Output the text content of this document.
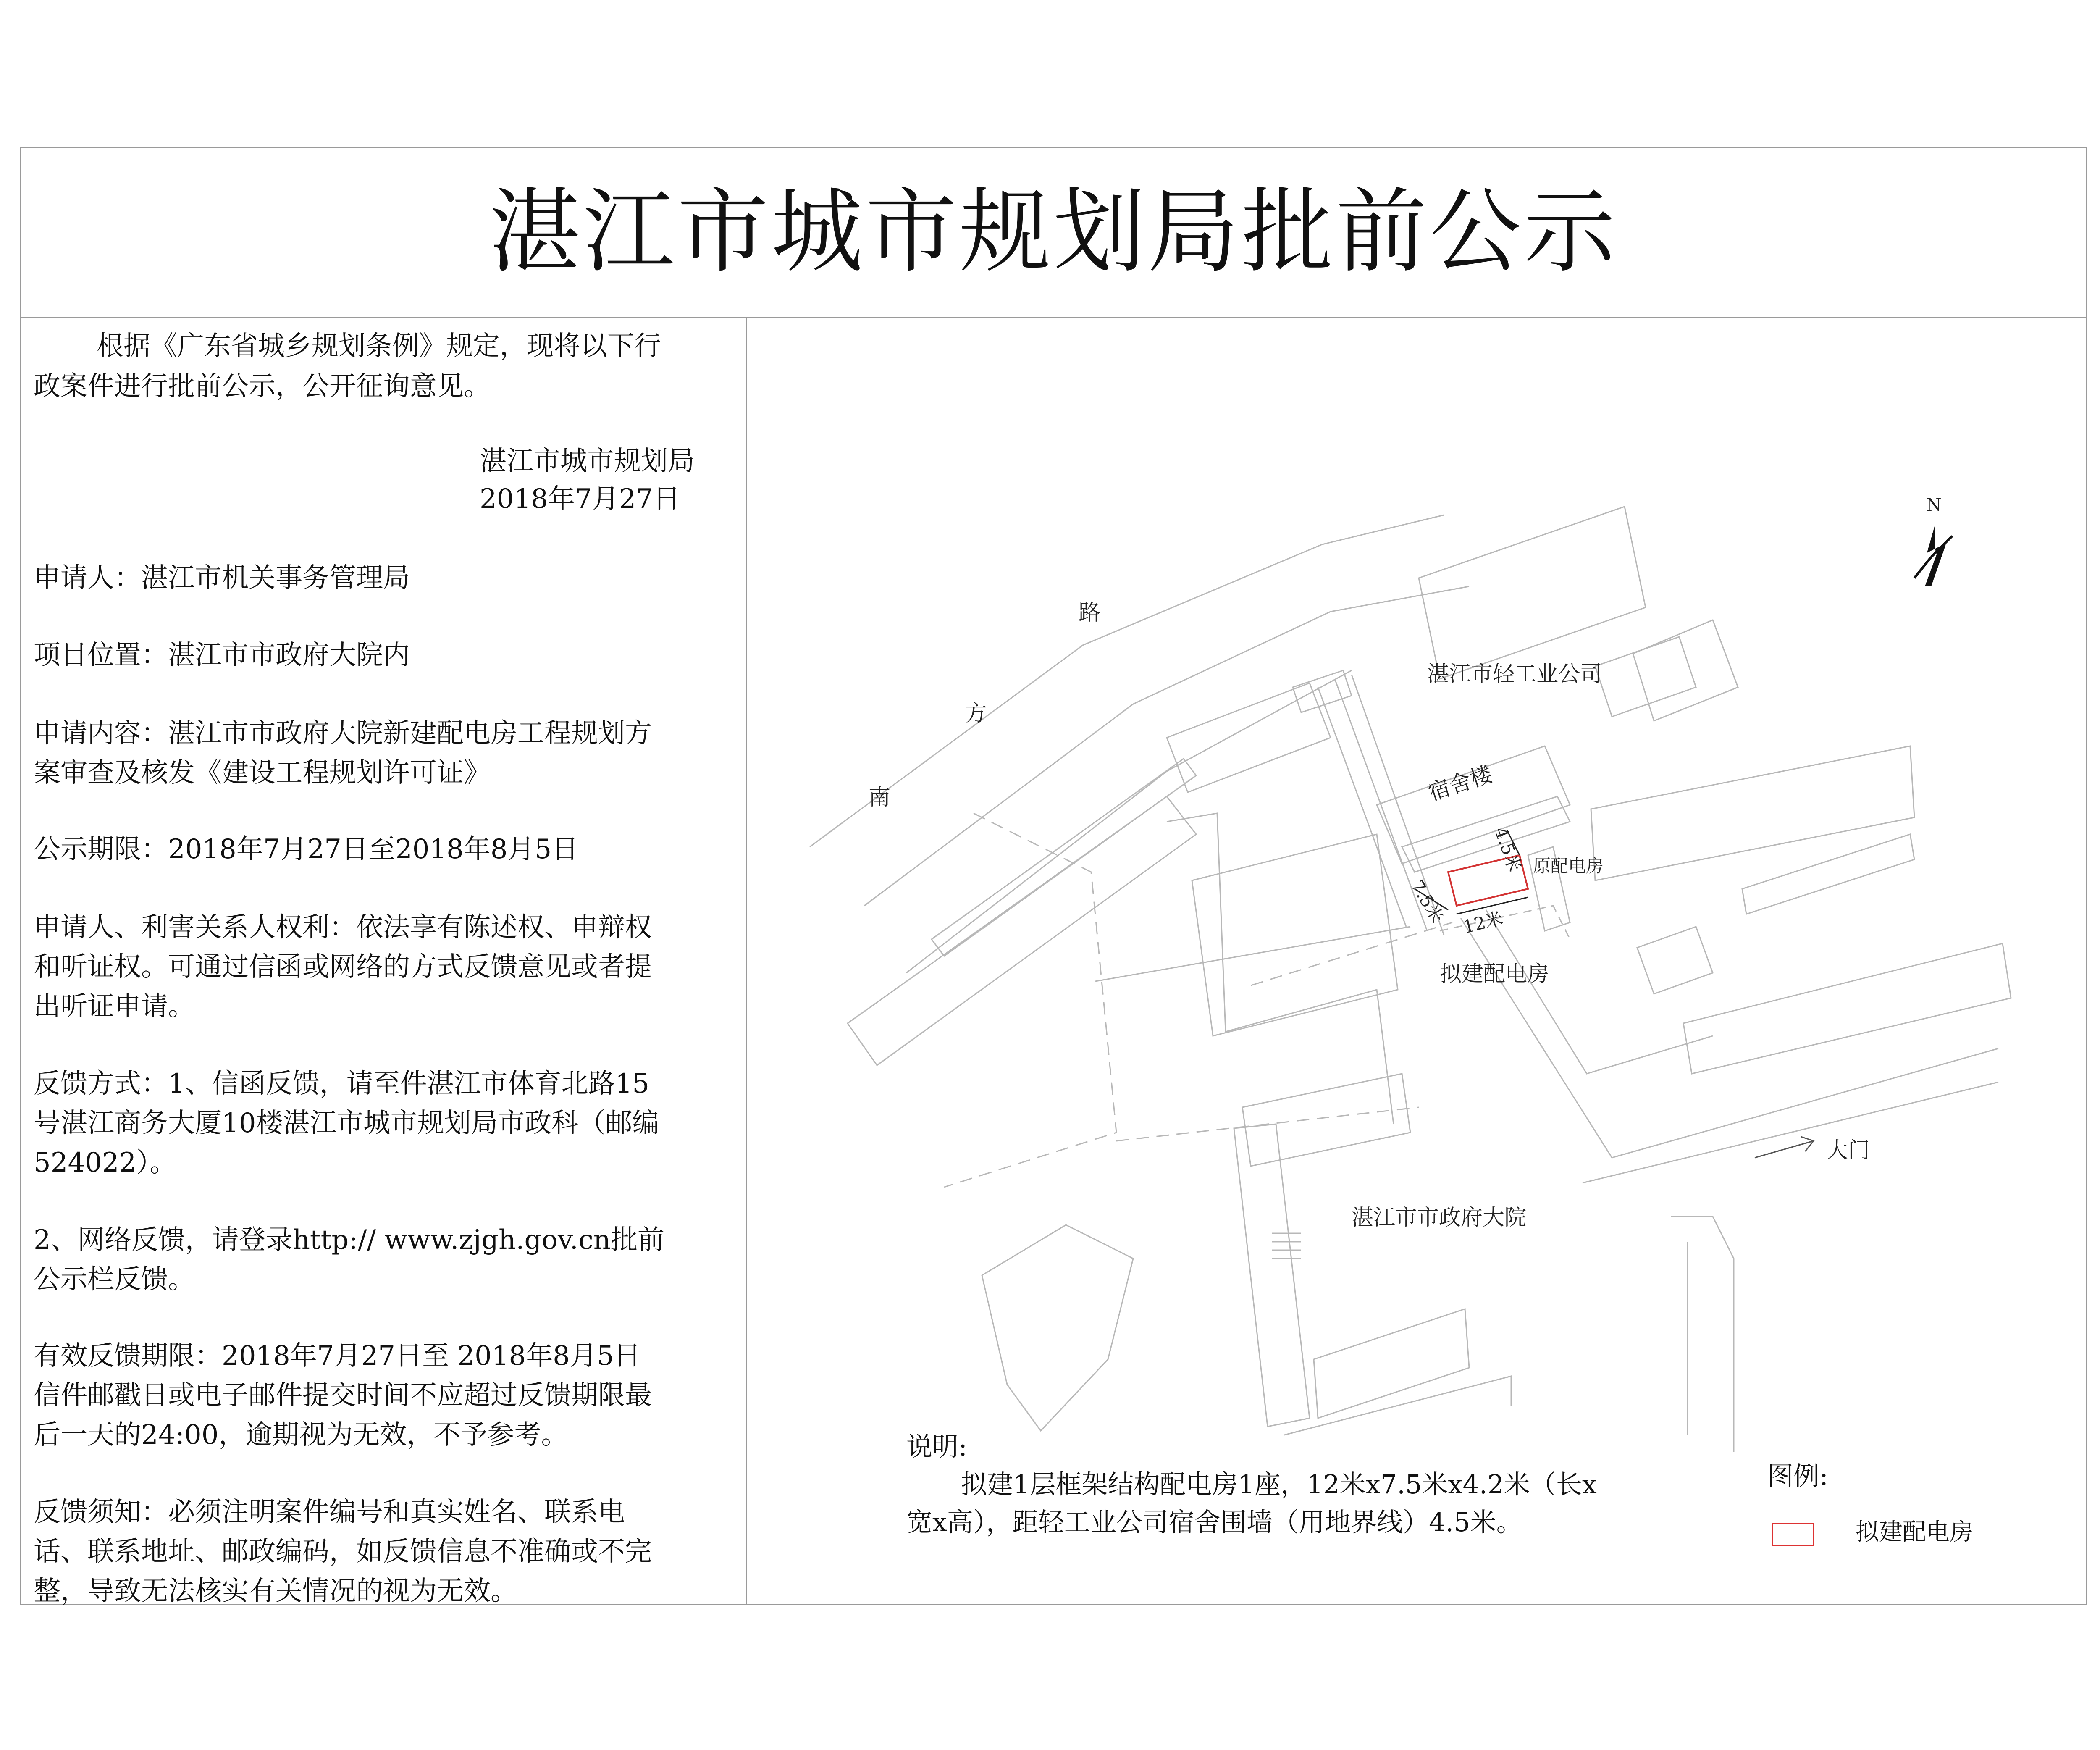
湛江市城市规划局批前公示
根据《广东省城乡规划条例》规定，现将以下行
政案件进行批前公示，公开征询意见。
湛江市城市规划局
2018年7月27日
申请人：湛江市机关事务管理局
项目位置：湛江市市政府大院内
申请内容：湛江市市政府大院新建配电房工程规划方
案审查及核发《建设工程规划许可证》
公示期限：2018年7月27日至2018年8月5日
申请人、利害关系人权利：依法享有陈述权、申辩权
和听证权。可通过信函或网络的方式反馈意见或者提
出听证申请。
反馈方式：1、信函反馈，请至件湛江市体育北路15
号湛江商务大厦10楼湛江市城市规划局市政科（邮编
524022）。
2、网络反馈，请登录http:// www.zjgh.gov.cn批前
公示栏反馈。
有效反馈期限：2018年7月27日至 2018年8月5日
信件邮戳日或电子邮件提交时间不应超过反馈期限最
后一天的24:00，逾期视为无效，不予参考。
反馈须知：必须注明案件编号和真实姓名、联系电
话、联系地址、邮政编码，如反馈信息不准确或不完
整，导致无法核实有关情况的视为无效。
N
路
方
南
湛江市轻工业公司
宿舍楼
4.5米
7.5米 12米
原配电房
拟建配电房
大门
湛江市市政府大院
说明:
拟建1层框架结构配电房1座，12米x7.5米x4.2米（长x
宽x高），距轻工业公司宿舍围墙（用地界线）4.5米。
图例:
拟建配电房
